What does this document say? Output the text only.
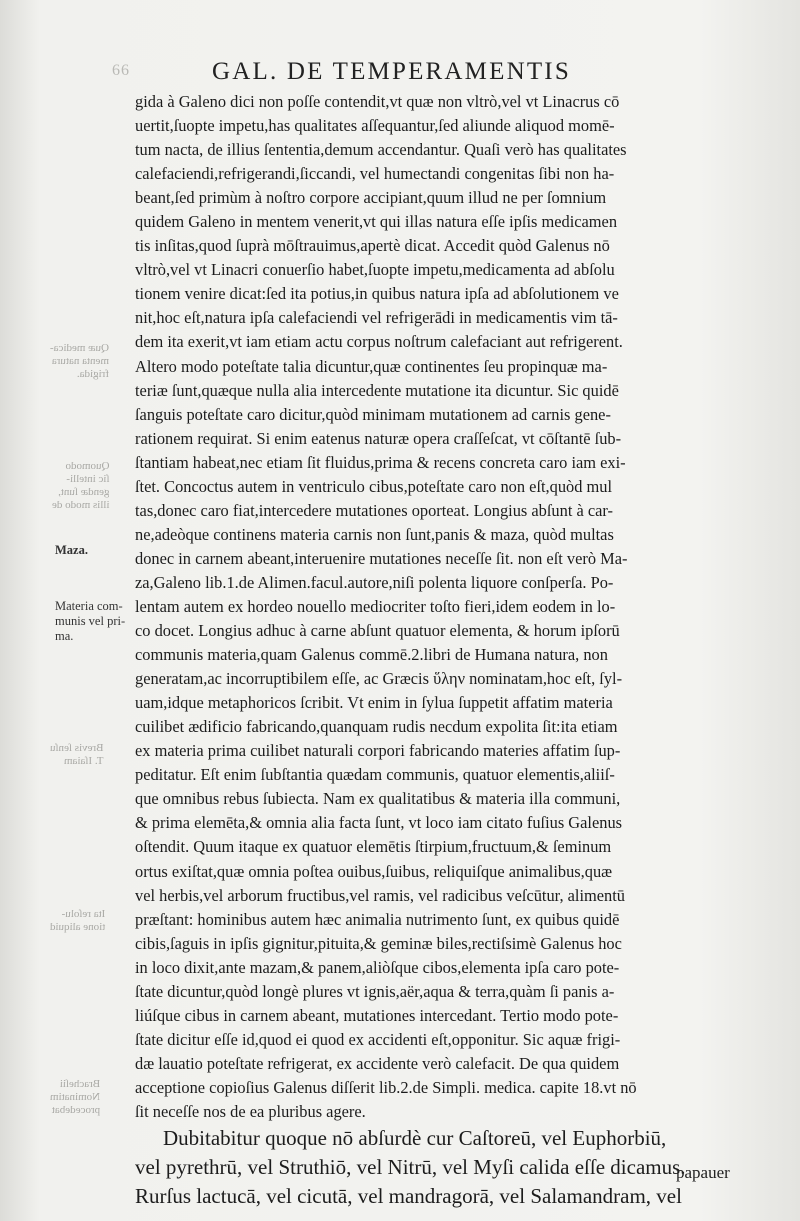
66	GAL. DE TEMPERAMENTIS
Quæ medica-
menta natura
frigida.
Quomodo
ſic intelli-
gendæ ſunt,
illis modo de
Brevis ſenſu
T. Iſaiam
Ita reſolu-
tione aliquid
Bracheſii
Nominatim
procedebat
Maza.
Materia com-
munis vel pri-
ma.
gida à Galeno dici non poſſe contendit,vt quæ non vltrò,vel vt Linacrus cō
uertit,ſuopte impetu,has qualitates aſſequantur,ſed aliunde aliquod momē-
tum nacta, de illius ſententia,demum accendantur. Quaſi verò has qualitates
calefaciendi,refrigerandi,ſiccandi, vel humectandi congenitas ſibi non ha-
beant,ſed primùm à noſtro corpore accipiant,quum illud ne per ſomnium
quidem Galeno in mentem venerit,vt qui illas natura eſſe ipſis medicamen
tis inſitas,quod ſuprà mōſtrauimus,apertè dicat. Accedit quòd Galenus nō
vltrò,vel vt Linacri conuerſio habet,ſuopte impetu,medicamenta ad abſolu
tionem venire dicat:ſed ita potius,in quibus natura ipſa ad abſolutionem ve
nit,hoc eſt,natura ipſa calefaciendi vel refrigerādi in medicamentis vim tā-
dem ita exerit,vt iam etiam actu corpus noſtrum calefaciant aut refrigerent.
Altero modo poteſtate talia dicuntur,quæ continentes ſeu propinquæ ma-
teriæ ſunt,quæque nulla alia intercedente mutatione ita dicuntur. Sic quidē
ſanguis poteſtate caro dicitur,quòd minimam mutationem ad carnis gene-
rationem requirat. Si enim eatenus naturæ opera craſſeſcat, vt cōſtantē ſub-
ſtantiam habeat,nec etiam ſit fluidus,prima & recens concreta caro iam exi-
ſtet. Concoctus autem in ventriculo cibus,poteſtate caro non eſt,quòd mul
tas,donec caro fiat,intercedere mutationes oporteat. Longius abſunt à car-
ne,adeòque continens materia carnis non ſunt,panis & maza, quòd multas
donec in carnem abeant,interuenire mutationes neceſſe ſit. non eſt verò Ma-
za,Galeno lib.1.de Alimen.facul.autore,niſi polenta liquore conſperſa. Po-
lentam autem ex hordeo nouello mediocriter toſto fieri,idem eodem in lo-
co docet. Longius adhuc à carne abſunt quatuor elementa, & horum ipſorū
communis materia,quam Galenus commē.2.libri de Humana natura, non
generatam,ac incorruptibilem eſſe, ac Græcis ὕλην nominatam,hoc eſt, ſyl-
uam,idque metaphoricos ſcribit. Vt enim in ſylua ſuppetit affatim materia
cuilibet ædificio fabricando,quanquam rudis necdum expolita ſit:ita etiam
ex materia prima cuilibet naturali corpori fabricando materies affatim ſup-
peditatur. Eſt enim ſubſtantia quædam communis, quatuor elementis,aliiſ-
que omnibus rebus ſubiecta. Nam ex qualitatibus & materia illa communi,
& prima elemēta,& omnia alia facta ſunt, vt loco iam citato fuſius Galenus
oſtendit. Quum itaque ex quatuor elemētis ſtirpium,fructuum,& ſeminum
ortus exiſtat,quæ omnia poſtea ouibus,ſuibus, reliquiſque animalibus,quæ
vel herbis,vel arborum fructibus,vel ramis, vel radicibus veſcūtur, alimentū
præſtant: hominibus autem hæc animalia nutrimento ſunt, ex quibus quidē
cibis,ſaguis in ipſis gignitur,pituita,& geminæ biles,rectiſsimè Galenus hoc
in loco dixit,ante mazam,& panem,aliòſque cibos,elementa ipſa caro pote-
ſtate dicuntur,quòd longè plures vt ignis,aër,aqua & terra,quàm ſi panis a-
liúſque cibus in carnem abeant, mutationes intercedant. Tertio modo pote-
ſtate dicitur eſſe id,quod ei quod ex accidenti eſt,opponitur. Sic aquæ frigi-
dæ lauatio poteſtate refrigerat, ex accidente verò calefacit. De qua quidem
acceptione copioſius Galenus diſſerit lib.2.de Simpli. medica. capite 18.vt nō
ſit neceſſe nos de ea pluribus agere.
Dubitabitur quoque nō abſurdè cur Caſtoreū, vel Euphorbiū,
vel pyrethrū, vel Struthiō, vel Nitrū, vel Myſi calida eſſe dicamus.
Rurſus lactucā, vel cicutā, vel mandragorā, vel Salamandram, vel
papauer
